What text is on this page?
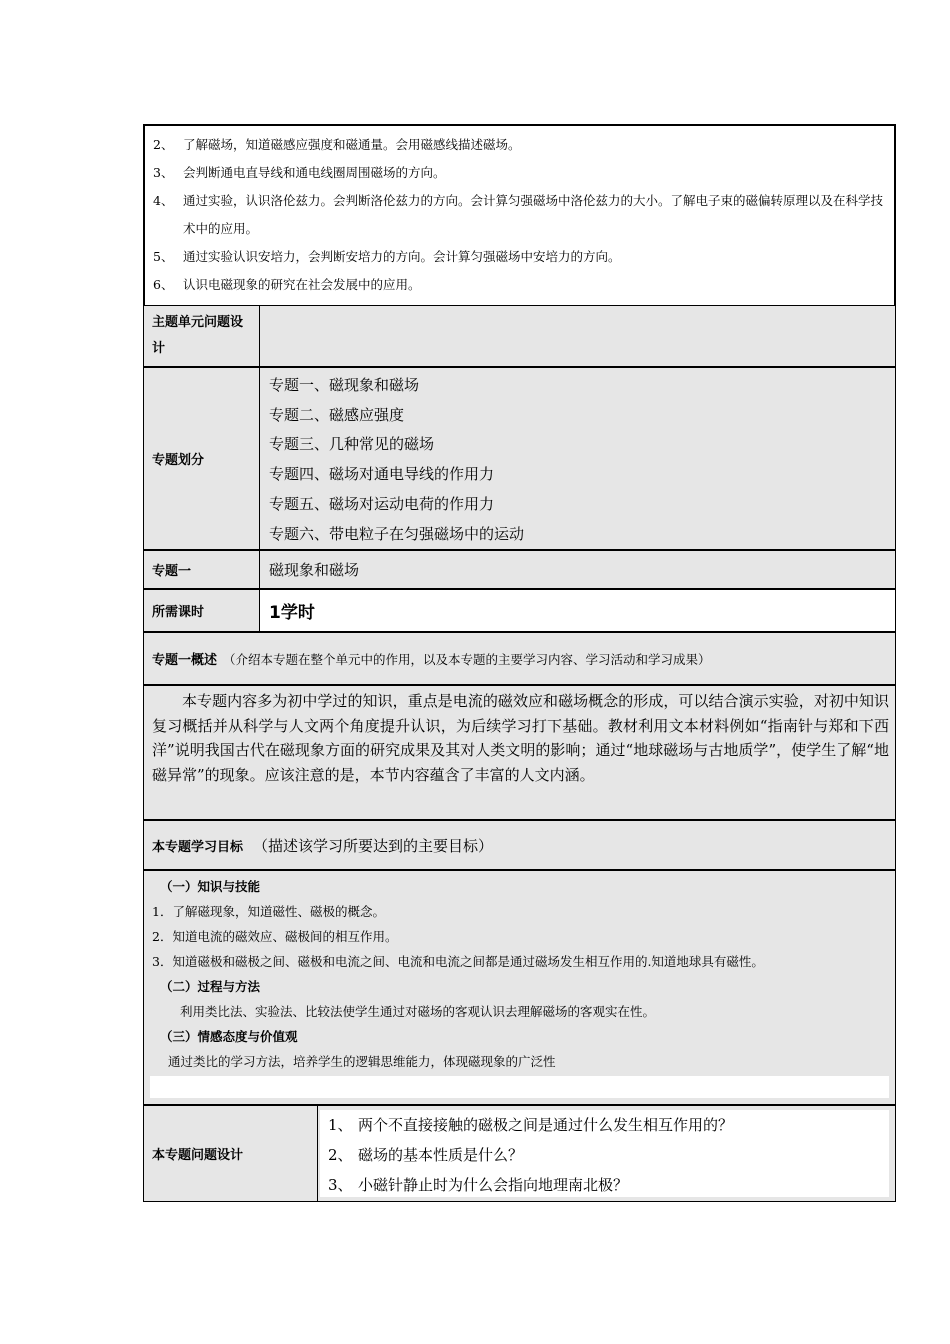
2、 了解磁场，知道磁感应强度和磁通量。会用磁感线描述磁场。
3、 会判断通电直导线和通电线圈周围磁场的方向。
4、 通过实验，认识洛伦兹力。会判断洛伦兹力的方向。会计算匀强磁场中洛伦兹力的大小。了解电子束的磁偏转原理以及在科学技术中的应用。
5、 通过实验认识安培力，会判断安培力的方向。会计算匀强磁场中安培力的方向。
6、 认识电磁现象的研究在社会发展中的应用。
主题单元问题设计
专题划分
专题一、磁现象和磁场
专题二、磁感应强度
专题三、几种常见的磁场
专题四、磁场对通电导线的作用力
专题五、磁场对运动电荷的作用力
专题六、带电粒子在匀强磁场中的运动
专题一	磁现象和磁场
所需课时	1学时
专题一概述 （介绍本专题在整个单元中的作用，以及本专题的主要学习内容、学习活动和学习成果）

本专题内容多为初中学过的知识，重点是电流的磁效应和磁场概念的形成，可以结合演示实验，对初中知识复习概括并从科学与人文两个角度提升认识，为后续学习打下基础。教材利用文本材料例如“指南针与郑和下西洋”说明我国古代在磁现象方面的研究成果及其对人类文明的影响；通过“地球磁场与古地质学”，使学生了解“地磁异常”的现象。应该注意的是，本节内容蕴含了丰富的人文内涵。

本专题学习目标 （描述该学习所要达到的主要目标）
（一）知识与技能
1．了解磁现象，知道磁性、磁极的概念。
2．知道电流的磁效应、磁极间的相互作用。
3．知道磁极和磁极之间、磁极和电流之间、电流和电流之间都是通过磁场发生相互作用的.知道地球具有磁性。
（二）过程与方法
利用类比法、实验法、比较法使学生通过对磁场的客观认识去理解磁场的客观实在性。
（三）情感态度与价值观
通过类比的学习方法，培养学生的逻辑思维能力，体现磁现象的广泛性
本专题问题设计
1、 两个不直接接触的磁极之间是通过什么发生相互作用的？
2、 磁场的基本性质是什么？
3、 小磁针静止时为什么会指向地理南北极？
